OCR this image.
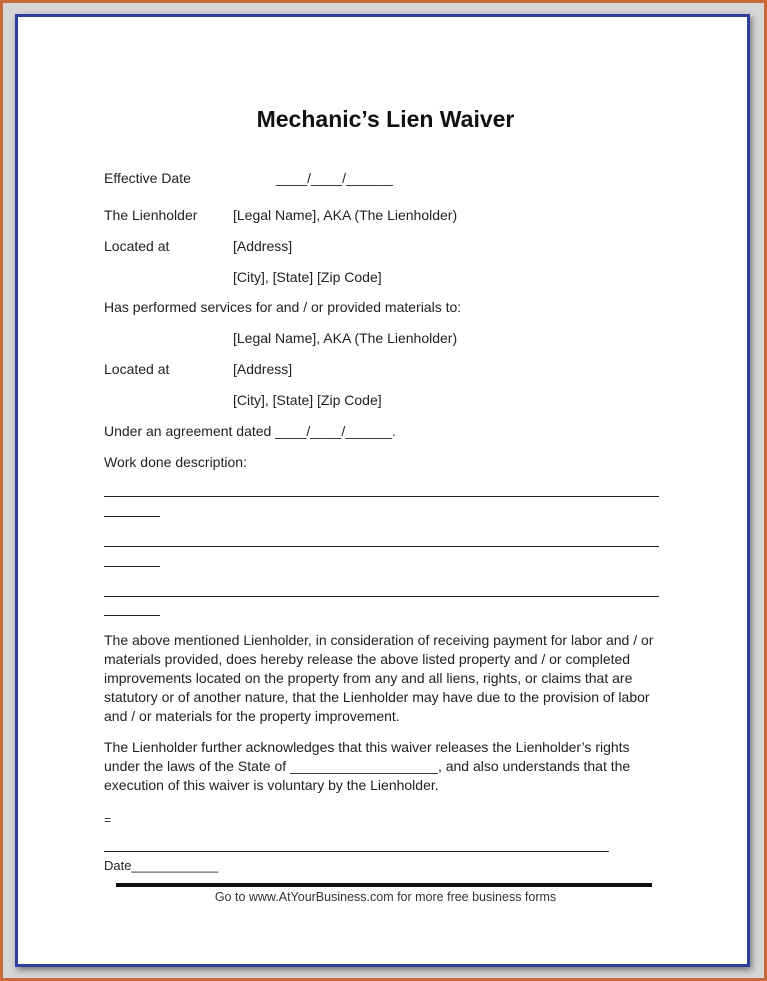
Mechanic’s Lien Waiver
Effective Date	____/____/______
The Lienholder	[Legal Name], AKA (The Lienholder)
Located at	[Address]
[City], [State] [Zip Code]
Has performed services for and / or provided materials to:
[Legal Name], AKA (The Lienholder)
Located at	[Address]
[City], [State] [Zip Code]
Under an agreement dated ____/____/______.
Work done description:
The above mentioned Lienholder, in consideration of receiving payment for labor and / or materials provided, does hereby release the above listed property and / or completed improvements located on the property from any and all liens, rights, or claims that are statutory or of another nature, that the Lienholder may have due to the provision of labor and / or materials for the property improvement.
The Lienholder further acknowledges that this waiver releases the Lienholder’s rights under the laws of the State of ___________________, and also understands that the execution of this waiver is voluntary by the Lienholder.
=
Date____________
Go to www.AtYourBusiness.com for more free business forms
